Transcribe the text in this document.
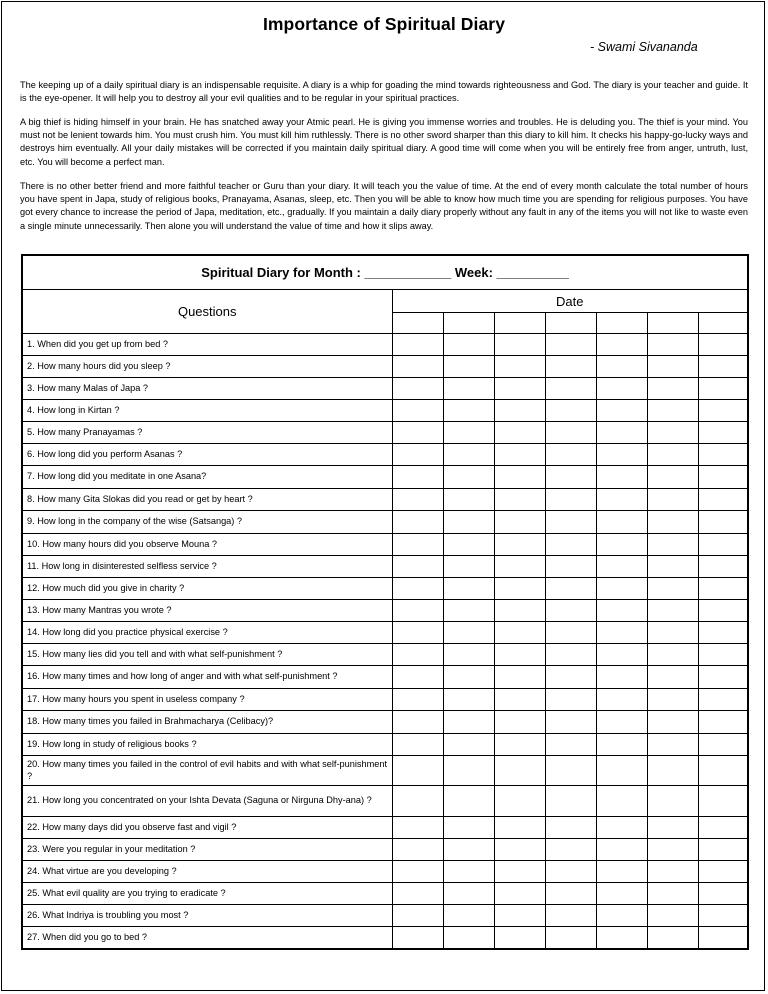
Importance of Spiritual Diary
- Swami Sivananda

The keeping up of a daily spiritual diary is an indispensable requisite. A diary is a whip for goading the mind towards righteousness and God. The diary is your teacher and guide. It is the eye-opener. It will help you to destroy all your evil qualities and to be regular in your spiritual practices.

A big thief is hiding himself in your brain. He has snatched away your Atmic pearl. He is giving you immense worries and troubles. He is deluding you. The thief is your mind. You must not be lenient towards him. You must crush him. You must kill him ruthlessly. There is no other sword sharper than this diary to kill him. It checks his happy-go-lucky ways and destroys him eventually. All your daily mistakes will be corrected if you maintain daily spiritual diary. A good time will come when you will be entirely free from anger, untruth, lust, etc. You will become a perfect man.

There is no other better friend and more faithful teacher or Guru than your diary. It will teach you the value of time. At the end of every month calculate the total number of hours you have spent in Japa, study of religious books, Pranayama, Asanas, sleep, etc. Then you will be able to know how much time you are spending for religious purposes. You have got every chance to increase the period of Japa, meditation, etc., gradually. If you maintain a daily diary properly without any fault in any of the items you will not like to waste even a single minute unnecessarily. Then alone you will understand the value of time and how it slips away.

Spiritual Diary for Month : ____________ Week: __________							
Questions	Date						

1. When did you get up from bed ?							
2. How many hours did you sleep ?							
3. How many Malas of Japa ?							
4. How long in Kirtan ?							
5. How many Pranayamas ?							
6. How long did you perform Asanas ?							
7. How long did you meditate in one Asana?							
8. How many Gita Slokas did you read or get by heart ?							
9. How long in the company of the wise (Satsanga) ?							
10. How many hours did you observe Mouna ?							
11. How long in disinterested selfless service ?							
12. How much did you give in charity ?							
13. How many Mantras you wrote ?							
14. How long did you practice physical exercise ?							
15. How many lies did you tell and with what self-punishment ?							
16. How many times and how long of anger and with what self-punishment ?							
17. How many hours you spent in useless company ?							
18. How many times you failed in Brahmacharya (Celibacy)?							
19. How long in study of religious books ?							
20. How many times you failed in the control of evil habits and with what self-punishment ?							
21. How long you concentrated on your Ishta Devata (Saguna or Nirguna Dhy-ana) ?							
22. How many days did you observe fast and vigil ?							
23. Were you regular in your meditation ?							
24. What virtue are you developing ?							
25. What evil quality are you trying to eradicate ?							
26. What Indriya is troubling you most ?							
27. When did you go to bed ?							
